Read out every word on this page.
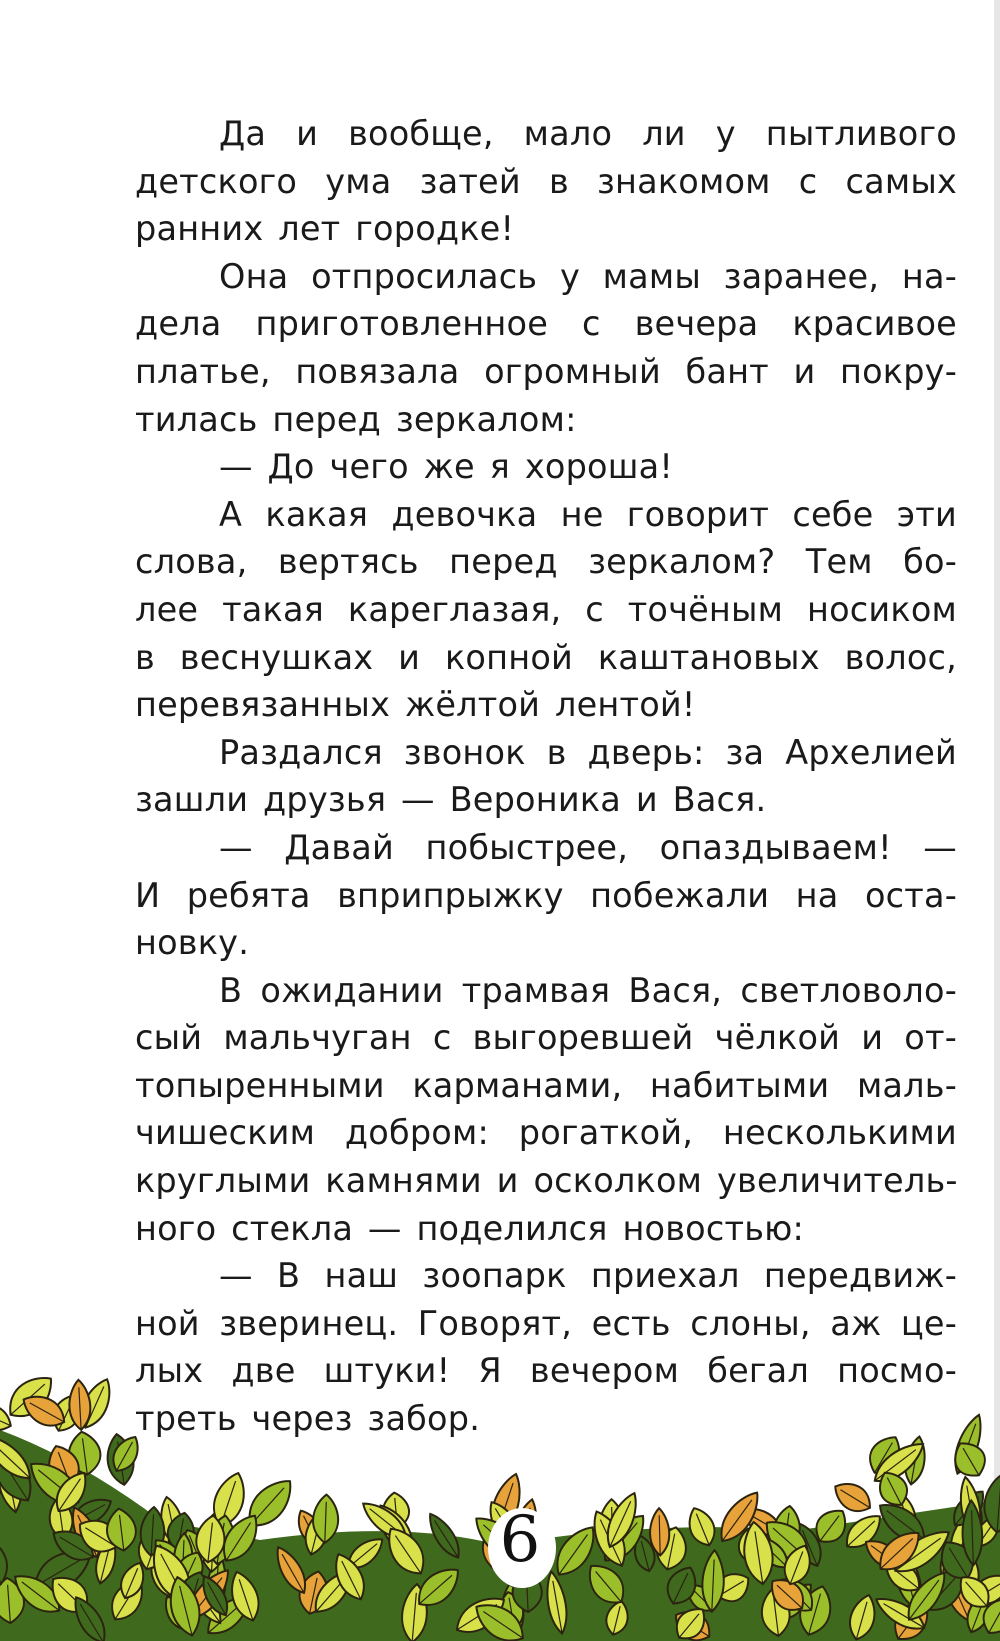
Да и вообще, мало ли у пытливого
детского ума затей в знакомом с самых
ранних лет городке!
Она отпросилась у мамы заранее, на-
дела приготовленное с вечера красивое
платье, повязала огромный бант и покру-
тилась перед зеркалом:
— До чего же я хороша!
А какая девочка не говорит себе эти
слова, вертясь перед зеркалом? Тем бо-
лее такая кареглазая, с точёным носиком
в веснушках и копной каштановых волос,
перевязанных жёлтой лентой!
Раздался звонок в дверь: за Архелией
зашли друзья — Вероника и Вася.
— Давай побыстрее, опаздываем! —
И ребята вприпрыжку побежали на оста-
новку.
В ожидании трамвая Вася, светловоло-
сый мальчуган с выгоревшей чёлкой и от-
топыренными карманами, набитыми маль-
чишеским добром: рогаткой, несколькими
круглыми камнями и осколком увеличитель-
ного стекла — поделился новостью:
— В наш зоопарк приехал передвиж-
ной зверинец. Говорят, есть слоны, аж це-
лых две штуки! Я вечером бегал посмо-
треть через забор.
6
